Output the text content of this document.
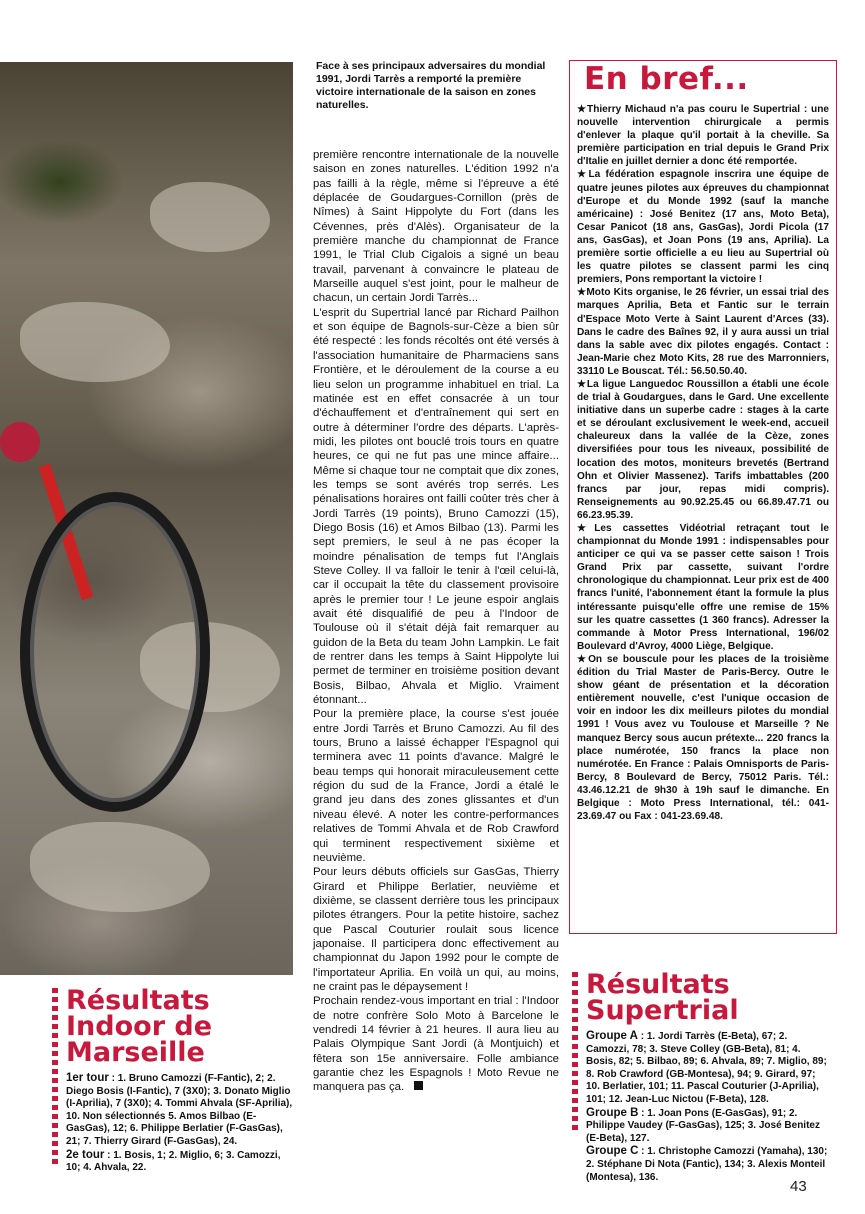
Face à ses principaux adversaires du mondial 1991, Jordi Tarrès a remporté la première victoire internationale de la saison en zones naturelles.

première rencontre internationale de la nouvelle saison en zones naturelles. L'édition 1992 n'a pas failli à la règle, même si l'épreuve a été déplacée de Goudargues-Cornillon (près de Nîmes) à Saint Hippolyte du Fort (dans les Cévennes, près d'Alès). Organisateur de la première manche du championnat de France 1991, le Trial Club Cigalois a signé un beau travail, parvenant à convaincre le plateau de Marseille auquel s'est joint, pour le malheur de chacun, un certain Jordi Tarrès...

L'esprit du Supertrial lancé par Richard Pailhon et son équipe de Bagnols-sur-Cèze a bien sûr été respecté : les fonds récoltés ont été versés à l'association humanitaire de Pharmaciens sans Frontière, et le déroulement de la course a eu lieu selon un programme inhabituel en trial. La matinée est en effet consacrée à un tour d'échauffement et d'entraînement qui sert en outre à déterminer l'ordre des départs. L'après-midi, les pilotes ont bouclé trois tours en quatre heures, ce qui ne fut pas une mince affaire... Même si chaque tour ne comptait que dix zones, les temps se sont avérés trop serrés. Les pénalisations horaires ont failli coûter très cher à Jordi Tarrès (19 points), Bruno Camozzi (15), Diego Bosis (16) et Amos Bilbao (13). Parmi les sept premiers, le seul à ne pas écoper la moindre pénalisation de temps fut l'Anglais Steve Colley. Il va falloir le tenir à l'œil celui-là, car il occupait la tête du classement provisoire après le premier tour ! Le jeune espoir anglais avait été disqualifié de peu à l'Indoor de Toulouse où il s'était déjà fait remarquer au guidon de la Beta du team John Lampkin. Le fait de rentrer dans les temps à Saint Hippolyte lui permet de terminer en troisième position devant Bosis, Bilbao, Ahvala et Miglio. Vraiment étonnant...

Pour la première place, la course s'est jouée entre Jordi Tarrès et Bruno Camozzi. Au fil des tours, Bruno a laissé échapper l'Espagnol qui terminera avec 11 points d'avance. Malgré le beau temps qui honorait miraculeusement cette région du sud de la France, Jordi a étalé le grand jeu dans des zones glissantes et d'un niveau élevé. A noter les contre-performances relatives de Tommi Ahvala et de Rob Crawford qui terminent respectivement sixième et neuvième.

Pour leurs débuts officiels sur GasGas, Thierry Girard et Philippe Berlatier, neuvième et dixième, se classent derrière tous les principaux pilotes étrangers. Pour la petite histoire, sachez que Pascal Couturier roulait sous licence japonaise. Il participera donc effectivement au championnat du Japon 1992 pour le compte de l'importateur Aprilia. En voilà un qui, au moins, ne craint pas le dépaysement !

Prochain rendez-vous important en trial : l'Indoor de notre confrère Solo Moto à Barcelone le vendredi 14 février à 21 heures. Il aura lieu au Palais Olympique Sant Jordi (à Montjuich) et fêtera son 15e anniversaire. Folle ambiance garantie chez les Espagnols ! Moto Revue ne manquera pas ça.

En bref...

★Thierry Michaud n'a pas couru le Supertrial : une nouvelle intervention chirurgicale a permis d'enlever la plaque qu'il portait à la cheville. Sa première participation en trial depuis le Grand Prix d'Italie en juillet dernier a donc été remportée.

★La fédération espagnole inscrira une équipe de quatre jeunes pilotes aux épreuves du championnat d'Europe et du Monde 1992 (sauf la manche américaine) : José Benitez (17 ans, Moto Beta), Cesar Panicot (18 ans, GasGas), Jordi Picola (17 ans, GasGas), et Joan Pons (19 ans, Aprilia). La première sortie officielle a eu lieu au Supertrial où les quatre pilotes se classent parmi les cinq premiers, Pons remportant la victoire !

★Moto Kits organise, le 26 février, un essai trial des marques Aprilia, Beta et Fantic sur le terrain d'Espace Moto Verte à Saint Laurent d'Arces (33). Dans le cadre des Baînes 92, il y aura aussi un trial dans la sable avec dix pilotes engagés. Contact : Jean-Marie chez Moto Kits, 28 rue des Marronniers, 33110 Le Bouscat. Tél.: 56.50.50.40.

★La ligue Languedoc Roussillon a établi une école de trial à Goudargues, dans le Gard. Une excellente initiative dans un superbe cadre : stages à la carte et se déroulant exclusivement le week-end, accueil chaleureux dans la vallée de la Cèze, zones diversifiées pour tous les niveaux, possibilité de location des motos, moniteurs brevetés (Bertrand Ohn et Olivier Massenez). Tarifs imbattables (200 francs par jour, repas midi compris). Renseignements au 90.92.25.45 ou 66.89.47.71 ou 66.23.95.39.

★Les cassettes Vidéotrial retraçant tout le championnat du Monde 1991 : indispensables pour anticiper ce qui va se passer cette saison ! Trois Grand Prix par cassette, suivant l'ordre chronologique du championnat. Leur prix est de 400 francs l'unité, l'abonnement étant la formule la plus intéressante puisqu'elle offre une remise de 15% sur les quatre cassettes (1 360 francs). Adresser la commande à Motor Press International, 196/02 Boulevard d'Avroy, 4000 Liège, Belgique.

★On se bouscule pour les places de la troisième édition du Trial Master de Paris-Bercy. Outre le show géant de présentation et la décoration entièrement nouvelle, c'est l'unique occasion de voir en indoor les dix meilleurs pilotes du mondial 1991 ! Vous avez vu Toulouse et Marseille ? Ne manquez Bercy sous aucun prétexte... 220 francs la place numérotée, 150 francs la place non numérotée. En France : Palais Omnisports de Paris-Bercy, 8 Boulevard de Bercy, 75012 Paris. Tél.: 43.46.12.21 de 9h30 à 19h sauf le dimanche. En Belgique : Moto Press International, tél.: 041-23.69.47 ou Fax : 041-23.69.48.

Résultats
Indoor de
Marseille
1er tour : 1. Bruno Camozzi (F-Fantic), 2; 2. Diego Bosis (I-Fantic), 7 (3X0); 3. Donato Miglio (I-Aprilia), 7 (3X0); 4. Tommi Ahvala (SF-Aprilia), 10. Non sélectionnés 5. Amos Bilbao (E-GasGas), 12; 6. Philippe Berlatier (F-GasGas), 21; 7. Thierry Girard (F-GasGas), 24.
2e tour : 1. Bosis, 1; 2. Miglio, 6; 3. Camozzi, 10; 4. Ahvala, 22.
Résultats
Supertrial
Groupe A : 1. Jordi Tarrès (E-Beta), 67; 2. Camozzi, 78; 3. Steve Colley (GB-Beta), 81; 4. Bosis, 82; 5. Bilbao, 89; 6. Ahvala, 89; 7. Miglio, 89; 8. Rob Crawford (GB-Montesa), 94; 9. Girard, 97; 10. Berlatier, 101; 11. Pascal Couturier (J-Aprilia), 101; 12. Jean-Luc Nictou (F-Beta), 128.
Groupe B : 1. Joan Pons (E-GasGas), 91; 2. Philippe Vaudey (F-GasGas), 125; 3. José Benitez (E-Beta), 127.
Groupe C : 1. Christophe Camozzi (Yamaha), 130; 2. Stéphane Di Nota (Fantic), 134; 3. Alexis Monteil (Montesa), 136.
43
